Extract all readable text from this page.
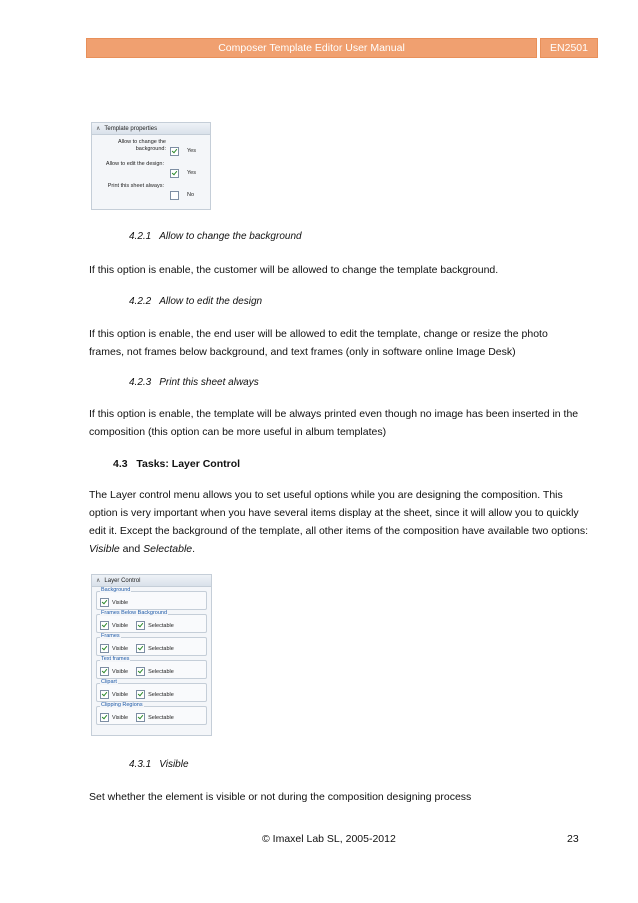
Composer Template Editor User Manual	EN2501
∧ Template properties
Allow to change the background:	Yes
Allow to edit the design:
Yes
Print this sheet always:
No
4.2.1 Allow to change the background
If this option is enable, the customer will be allowed to change the template background.
4.2.2 Allow to edit the design
If this option is enable, the end user will be allowed to edit the template, change or resize the photo frames, not frames below background, and text frames (only in software online Image Desk)
4.2.3 Print this sheet always
If this option is enable, the template will be always printed even though no image has been inserted in the composition (this option can be more useful in album templates)
4.3 Tasks: Layer Control
The Layer control menu allows you to set useful options while you are designing the composition. This option is very important when you have several items display at the sheet, since it will allow you to quickly edit it. Except the background of the template, all other items of the composition have available two options: Visible and Selectable.
∧ Layer Control
Background
Visible
Frames Below Background
Visible	Selectable
Frames
Visible	Selectable
Text frames
Visible	Selectable
Clipart
Visible	Selectable
Clipping Regions
Visible	Selectable
4.3.1 Visible
Set whether the element is visible or not during the composition designing process
© Imaxel Lab SL, 2005-2012	23
